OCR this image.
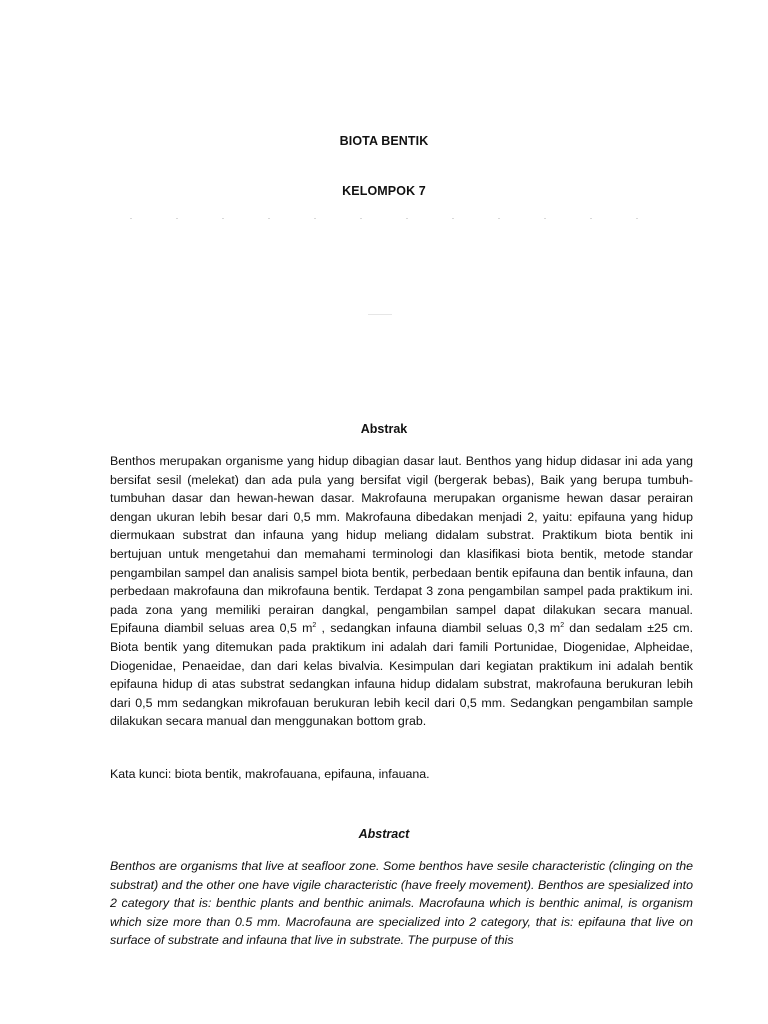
BIOTA BENTIK
KELOMPOK 7
Abstrak

Benthos merupakan organisme yang hidup dibagian dasar laut. Benthos yang hidup didasar ini ada yang bersifat sesil (melekat) dan ada pula yang bersifat vigil (bergerak bebas), Baik yang berupa tumbuh-tumbuhan dasar dan hewan-hewan dasar. Makrofauna merupakan organisme hewan dasar perairan dengan ukuran lebih besar dari 0,5 mm. Makrofauna dibedakan menjadi 2, yaitu: epifauna yang hidup diermukaan substrat dan infauna yang hidup meliang didalam substrat. Praktikum biota bentik ini bertujuan untuk mengetahui dan memahami terminologi dan klasifikasi biota bentik, metode standar pengambilan sampel dan analisis sampel biota bentik, perbedaan bentik epifauna dan bentik infauna, dan perbedaan makrofauna dan mikrofauna bentik. Terdapat 3 zona pengambilan sampel pada praktikum ini. pada zona yang memiliki perairan dangkal, pengambilan sampel dapat dilakukan secara manual. Epifauna diambil seluas area 0,5 $m^2$ , sedangkan infauna diambil seluas 0,3 $m^2$ dan sedalam ±25 cm. Biota bentik yang ditemukan pada praktikum ini adalah dari famili Portunidae, Diogenidae, Alpheidae, Diogenidae, Penaeidae, dan dari kelas bivalvia. Kesimpulan dari kegiatan praktikum ini adalah bentik epifauna hidup di atas substrat sedangkan infauna hidup didalam substrat, makrofauna berukuran lebih dari 0,5 mm sedangkan mikrofauan berukuran lebih kecil dari 0,5 mm. Sedangkan pengambilan sample dilakukan secara manual dan menggunakan bottom grab.

Kata kunci: biota bentik, makrofauana, epifauna, infauana.

Abstract

Benthos are organisms that live at seafloor zone. Some benthos have sesile characteristic (clinging on the substrat) and the other one have vigile characteristic (have freely movement). Benthos are spesialized into 2 category that is: benthic plants and benthic animals. Macrofauna which is benthic animal, is organism which size more than 0.5 mm. Macrofauna are specialized into 2 category, that is: epifauna that live on surface of substrate and infauna that live in substrate. The purpuse of this
